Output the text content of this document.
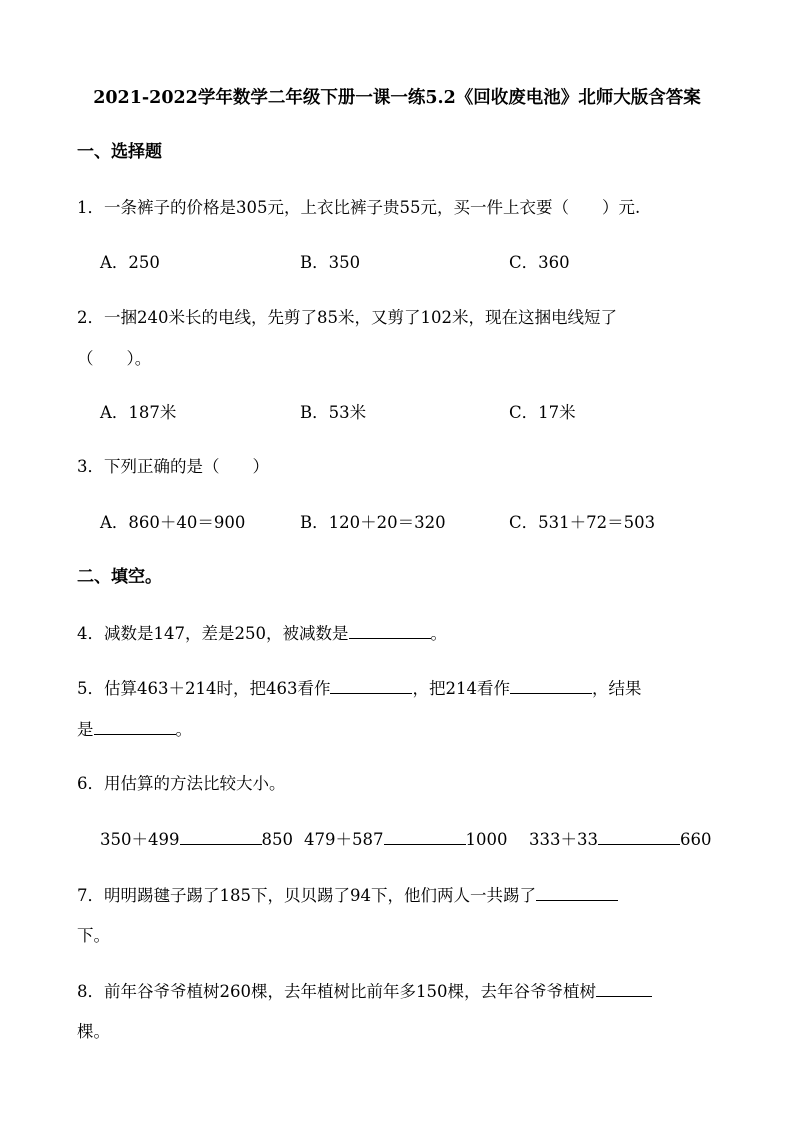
2021-2022学年数学二年级下册一课一练5.2《回收废电池》北师大版含答案
一、选择题
1．一条裤子的价格是305元，上衣比裤子贵55元，买一件上衣要（　　）元.
A．250	B．350	C．360
2．一捆240米长的电线，先剪了85米，又剪了102米，现在这捆电线短了
（　　）。
A．187米	B．53米	C．17米
3．下列正确的是（　　）
A．860＋40＝900	B．120＋20＝320	C．531＋72＝503
二、填空。
4．减数是147，差是250，被减数是	。
5．估算463＋214时，把463看作	，把214看作	，结果
是	。
6．用估算的方法比较大小。
350＋499	850 479＋587	1000 333＋33	660
7．明明踢毽子踢了185下，贝贝踢了94下，他们两人一共踢了
下。
8．前年谷爷爷植树260棵，去年植树比前年多150棵，去年谷爷爷植树
棵。
